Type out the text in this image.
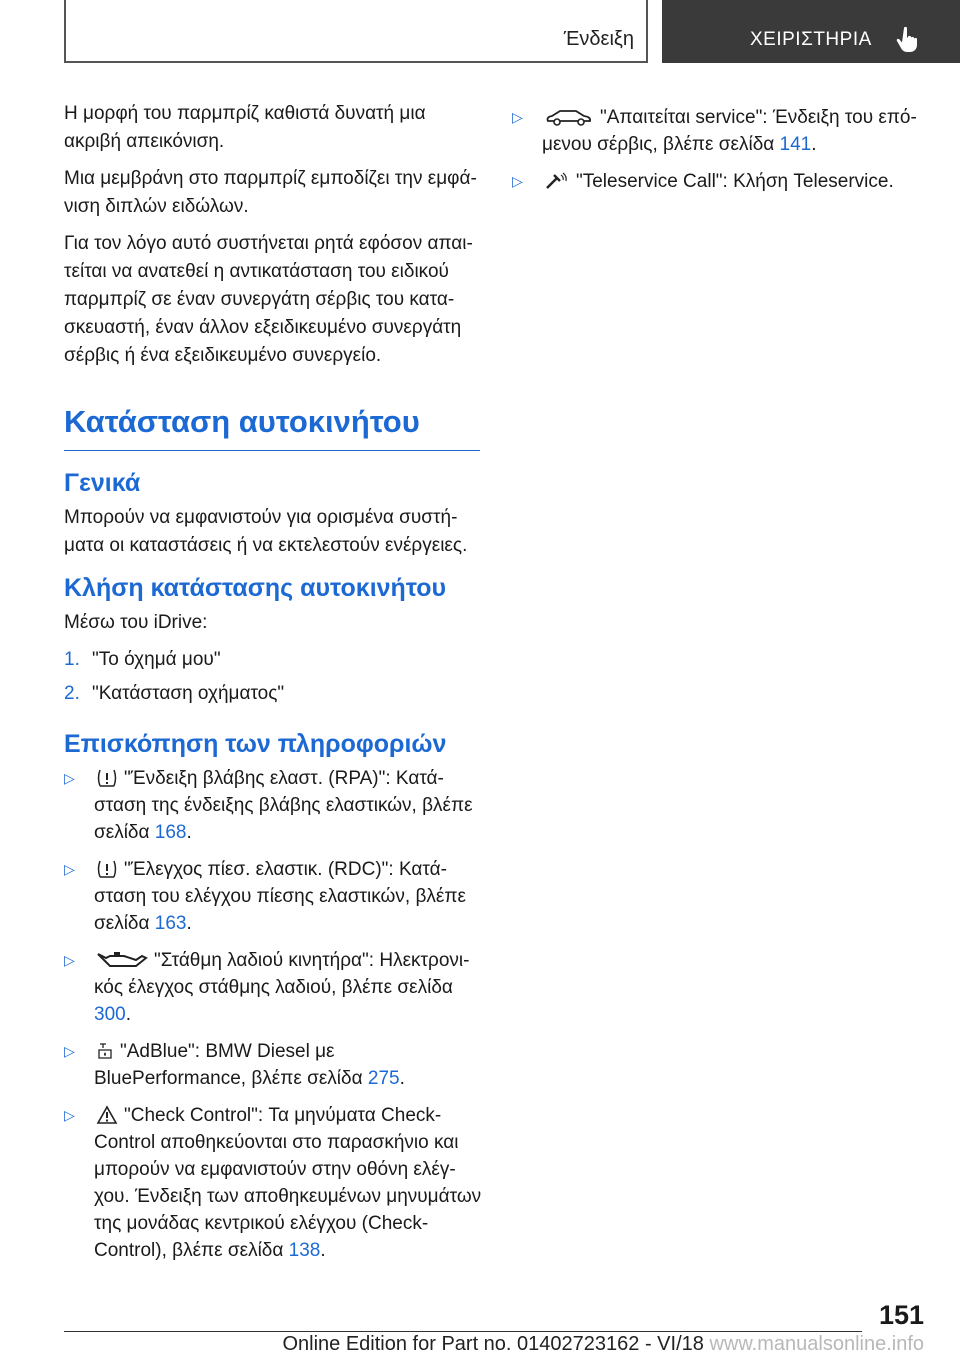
Ένδειξη	ΧΕΙΡΙΣΤΗΡΙΑ

Η μορφή του παρμπρίζ καθιστά δυνατή μια ακριβή απεικόνιση.

Μια μεμβράνη στο παρμπρίζ εμποδίζει την εμφάνιση διπλών ειδώλων.

Για τον λόγο αυτό συστήνεται ρητά εφόσον απαιτείται να ανατεθεί η αντικατάσταση του ειδικού παρμπρίζ σε έναν συνεργάτη σέρβις του κατασκευαστή, έναν άλλον εξειδικευμένο συνεργάτη σέρβις ή ένα εξειδικευμένο συνεργείο.

Κατάσταση αυτοκινήτου
Γενικά

Μπορούν να εμφανιστούν για ορισμένα συστήματα οι καταστάσεις ή να εκτελεστούν ενέργειες.

Κλήση κατάστασης αυτοκινήτου

Μέσω του iDrive:

1. "Το όχημά μου"
2. "Κατάσταση οχήματος"
Επισκόπηση των πληροφοριών
▷	"Ένδειξη βλάβης ελαστ. (RPA)": Κατάσταση της ένδειξης βλάβης ελαστικών, βλέπε σελίδα 168.
▷	"Έλεγχος πίεσ. ελαστικ. (RDC)": Κατάσταση του ελέγχου πίεσης ελαστικών, βλέπε σελίδα 163.
▷	"Στάθμη λαδιού κινητήρα": Ηλεκτρονικός έλεγχος στάθμης λαδιού, βλέπε σελίδα 300.
▷	"AdBlue": BMW Diesel με BluePerformance, βλέπε σελίδα 275.
▷	"Check Control": Τα μηνύματα Check-Control αποθηκεύονται στο παρασκήνιο και μπορούν να εμφανιστούν στην οθόνη ελέγχου. Ένδειξη των αποθηκευμένων μηνυμάτων της μονάδας κεντρικού ελέγχου (Check-Control), βλέπε σελίδα 138.
▷	"Απαιτείται service": Ένδειξη του επόμενου σέρβις, βλέπε σελίδα 141.
▷	"Teleservice Call": Κλήση Teleservice.
151
Online Edition for Part no. 01402723162 - VI/18 www.manualsonline.info
